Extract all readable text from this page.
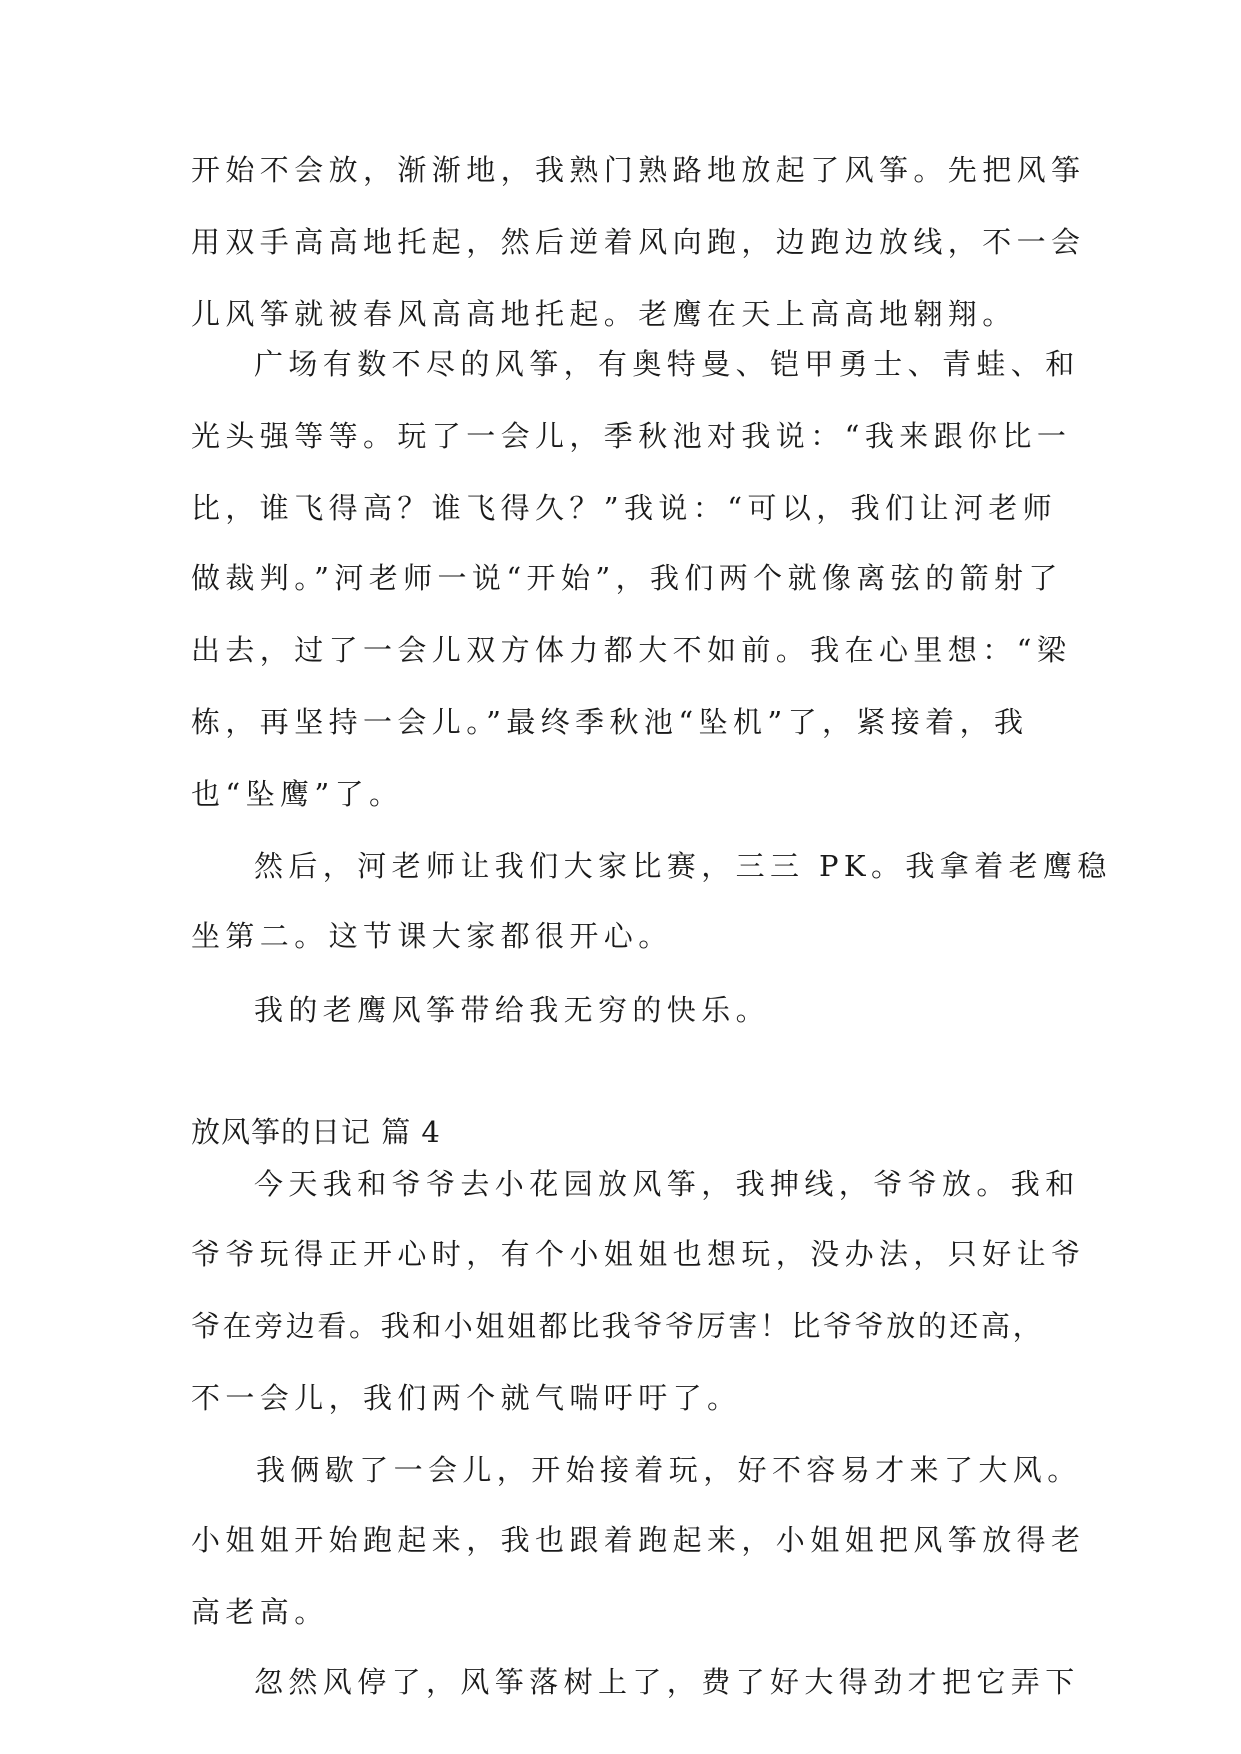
开始不会放，渐渐地，我熟门熟路地放起了风筝。先把风筝
用双手高高地托起，然后逆着风向跑，边跑边放线，不一会
儿风筝就被春风高高地托起。老鹰在天上高高地翱翔。
广场有数不尽的风筝，有奥特曼、铠甲勇士、青蛙、和
光头强等等。玩了一会儿，季秋池对我说：“我来跟你比一
比，谁飞得高？谁飞得久？”我说：“可以，我们让河老师
做裁判。”河老师一说“开始”，我们两个就像离弦的箭射了
出去，过了一会儿双方体力都大不如前。我在心里想：“梁
栋，再坚持一会儿。”最终季秋池“坠机”了，紧接着，我
也“坠鹰”了。
然后，河老师让我们大家比赛，三三 PK。我拿着老鹰稳
坐第二。这节课大家都很开心。
我的老鹰风筝带给我无穷的快乐。
放风筝的日记 篇 4
今天我和爷爷去小花园放风筝，我抻线，爷爷放。我和
爷爷玩得正开心时，有个小姐姐也想玩，没办法，只好让爷
爷在旁边看。我和小姐姐都比我爷爷厉害！比爷爷放的还高，
不一会儿，我们两个就气喘吁吁了。
我俩歇了一会儿，开始接着玩，好不容易才来了大风。
小姐姐开始跑起来，我也跟着跑起来，小姐姐把风筝放得老
高老高。
忽然风停了，风筝落树上了，费了好大得劲才把它弄下
